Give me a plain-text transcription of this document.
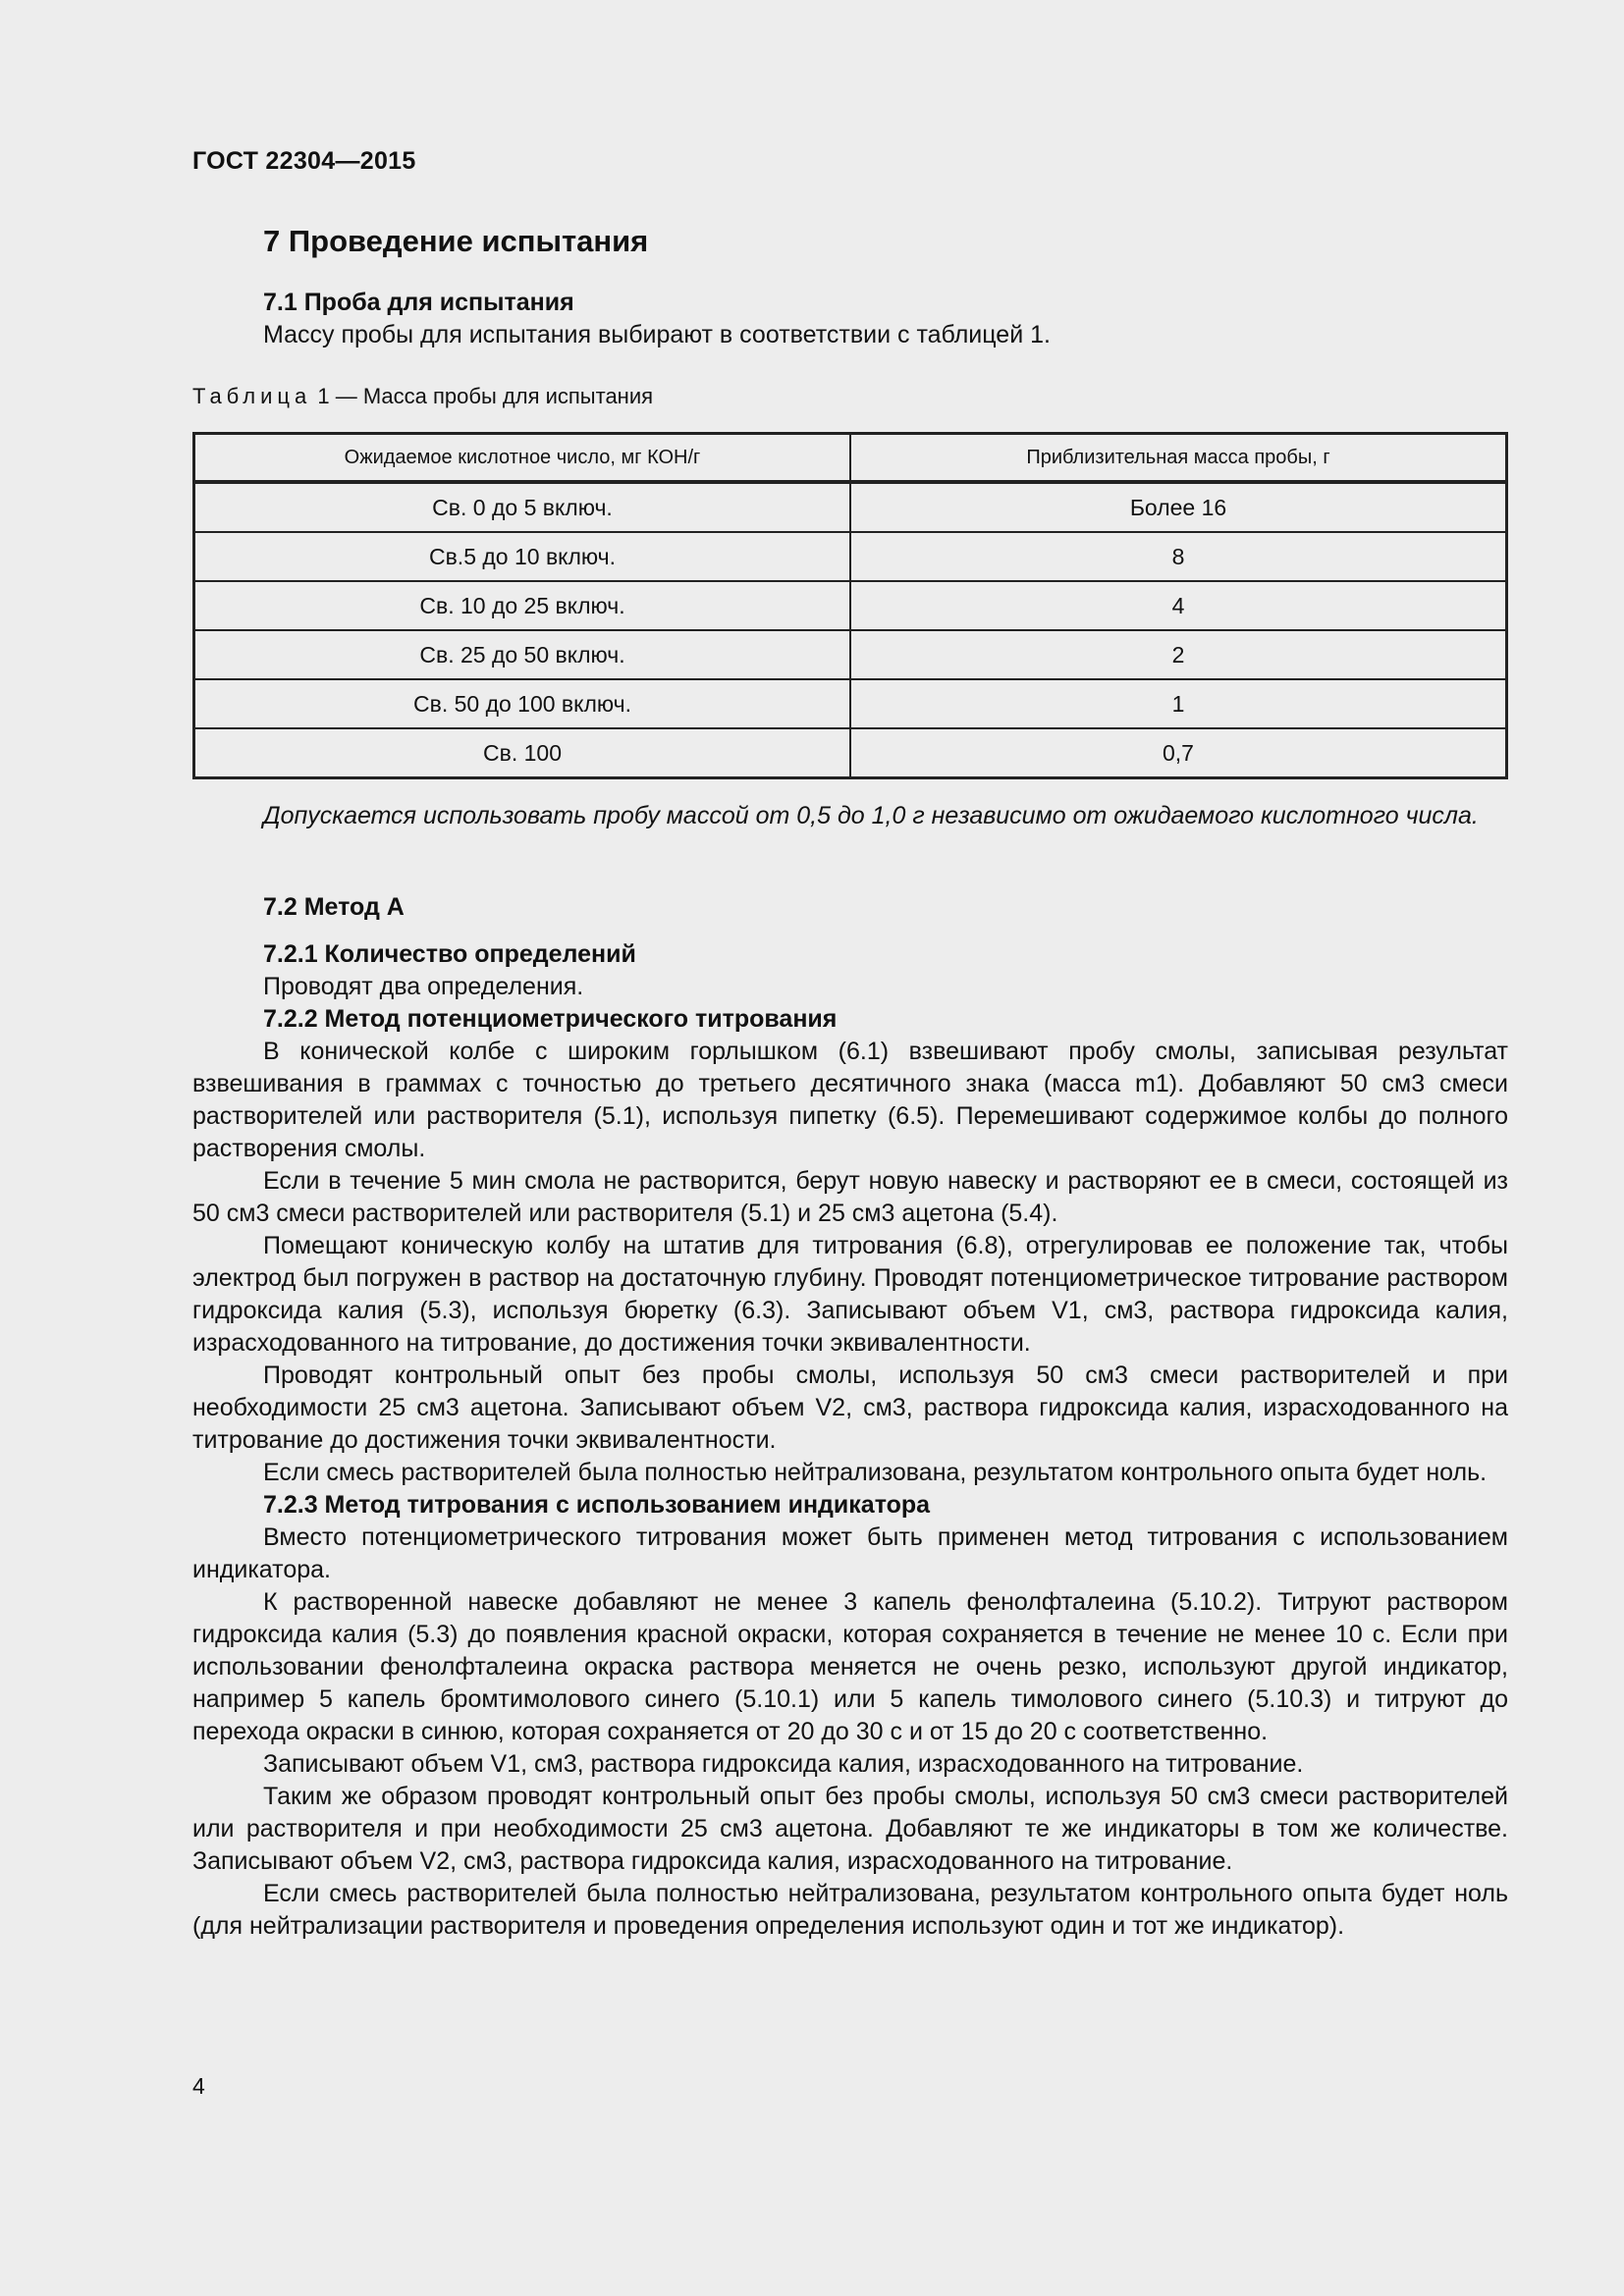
ГОСТ 22304—2015
7 Проведение испытания
7.1 Проба для испытания
Массу пробы для испытания выбирают в соответствии с таблицей 1.
Таблица 1 — Масса пробы для испытания
Ожидаемое кислотное число, мг КОН/г	Приблизительная масса пробы, г
Св. 0 до 5 включ.	Более 16
Св.5 до 10 включ.	8
Св. 10 до 25 включ.	4
Св. 25 до 50 включ.	2
Св. 50 до 100 включ.	1
Св. 100	0,7

Допускается использовать пробу массой от 0,5 до 1,0 г независимо от ожидаемого кислотного числа.

7.2 Метод А
7.2.1 Количество определений
Проводят два определения.
7.2.2 Метод потенциометрического титрования

В конической колбе с широким горлышком (6.1) взвешивают пробу смолы, записывая результат взвешивания в граммах с точностью до третьего десятичного знака (масса m1). Добавляют 50 см3 смеси растворителей или растворителя (5.1), используя пипетку (6.5). Перемешивают содержимое колбы до полного растворения смолы.

Если в течение 5 мин смола не растворится, берут новую навеску и растворяют ее в смеси, состоящей из 50 см3 смеси растворителей или растворителя (5.1) и 25 см3 ацетона (5.4).

Помещают коническую колбу на штатив для титрования (6.8), отрегулировав ее положение так, чтобы электрод был погружен в раствор на достаточную глубину. Проводят потенциометрическое титрование раствором гидроксида калия (5.3), используя бюретку (6.3). Записывают объем V1, см3, раствора гидроксида калия, израсходованного на титрование, до достижения точки эквивалентности.

Проводят контрольный опыт без пробы смолы, используя 50 см3 смеси растворителей и при необходимости 25 см3 ацетона. Записывают объем V2, см3, раствора гидроксида калия, израсходованного на титрование до достижения точки эквивалентности.

Если смесь растворителей была полностью нейтрализована, результатом контрольного опыта будет ноль.

7.2.3 Метод титрования с использованием индикатора

Вместо потенциометрического титрования может быть применен метод титрования с использованием индикатора.

К растворенной навеске добавляют не менее 3 капель фенолфталеина (5.10.2). Титруют раствором гидроксида калия (5.3) до появления красной окраски, которая сохраняется в течение не менее 10 с. Если при использовании фенолфталеина окраска раствора меняется не очень резко, используют другой индикатор, например 5 капель бромтимолового синего (5.10.1) или 5 капель тимолового синего (5.10.3) и титруют до перехода окраски в синюю, которая сохраняется от 20 до 30 с и от 15 до 20 с соответственно.

Записывают объем V1, см3, раствора гидроксида калия, израсходованного на титрование.

Таким же образом проводят контрольный опыт без пробы смолы, используя 50 см3 смеси растворителей или растворителя и при необходимости 25 см3 ацетона. Добавляют те же индикаторы в том же количестве. Записывают объем V2, см3, раствора гидроксида калия, израсходованного на титрование.

Если смесь растворителей была полностью нейтрализована, результатом контрольного опыта будет ноль (для нейтрализации растворителя и проведения определения используют один и тот же индикатор).

4
